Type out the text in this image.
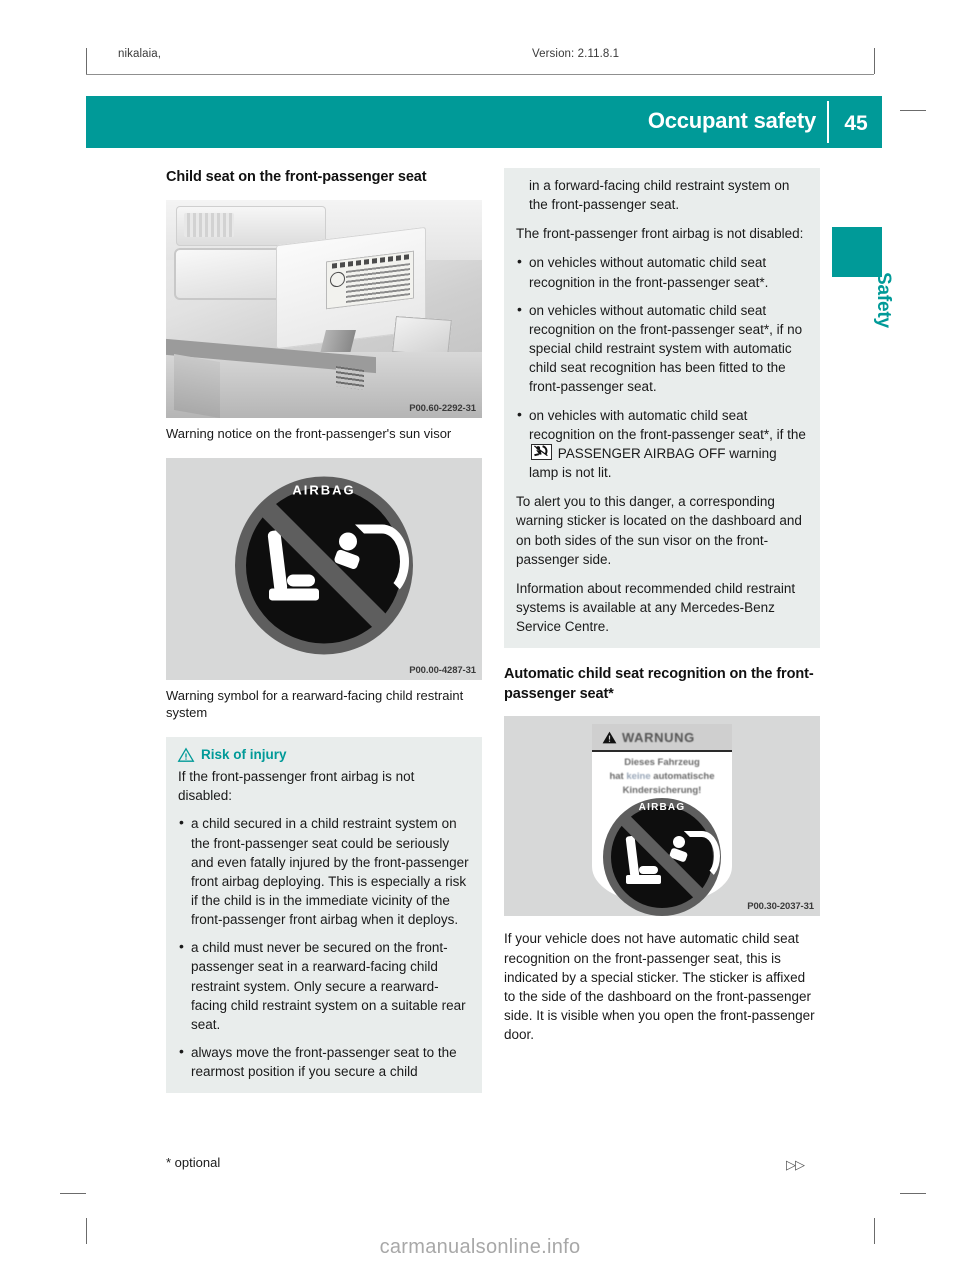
nikalaia,	Version: 2.11.8.1
Occupant safety	45
Safety
Child seat on the front-passenger seat
P00.60-2292-31
Warning notice on the front-passenger's sun visor
AIRBAG
P00.00-4287-31
Warning symbol for a rearward-facing child restraint system
Risk of injury

If the front-passenger front airbag is not disabled:

• a child secured in a child restraint system on the front-passenger seat could be seriously and even fatally injured by the front-passenger front airbag deploying. This is especially a risk if the child is in the immediate vicinity of the front-passenger front airbag when it deploys.
• a child must never be secured on the front-passenger seat in a rearward-facing child restraint system. Only secure a rearward-facing child restraint system on a suitable rear seat.
• always move the front-passenger seat to the rearmost position if you secure a child

in a forward-facing child restraint system on the front-passenger seat.

The front-passenger front airbag is not disabled:

• on vehicles without automatic child seat recognition in the front-passenger seat*.
• on vehicles without automatic child seat recognition on the front-passenger seat*, if no special child restraint system with automatic child seat recognition has been fitted to the front-passenger seat.
• on vehicles with automatic child seat recognition on the front-passenger seat*, if the
PASSENGER AIRBAG OFF warning lamp is not lit.

To alert you to this danger, a corresponding warning sticker is located on the dashboard and on both sides of the sun visor on the front-passenger side.

Information about recommended child restraint systems is available at any Mercedes-Benz Service Centre.

Automatic child seat recognition on the front-passenger seat*
WARNUNG
Dieses Fahrzeug
hat keine automatische
Kindersicherung!
AIRBAG
P00.30-2037-31

If your vehicle does not have automatic child seat recognition on the front-passenger seat, this is indicated by a special sticker. The sticker is affixed to the side of the dashboard on the front-passenger side. It is visible when you open the front-passenger door.

* optional	▷▷
carmanualsonline.info
